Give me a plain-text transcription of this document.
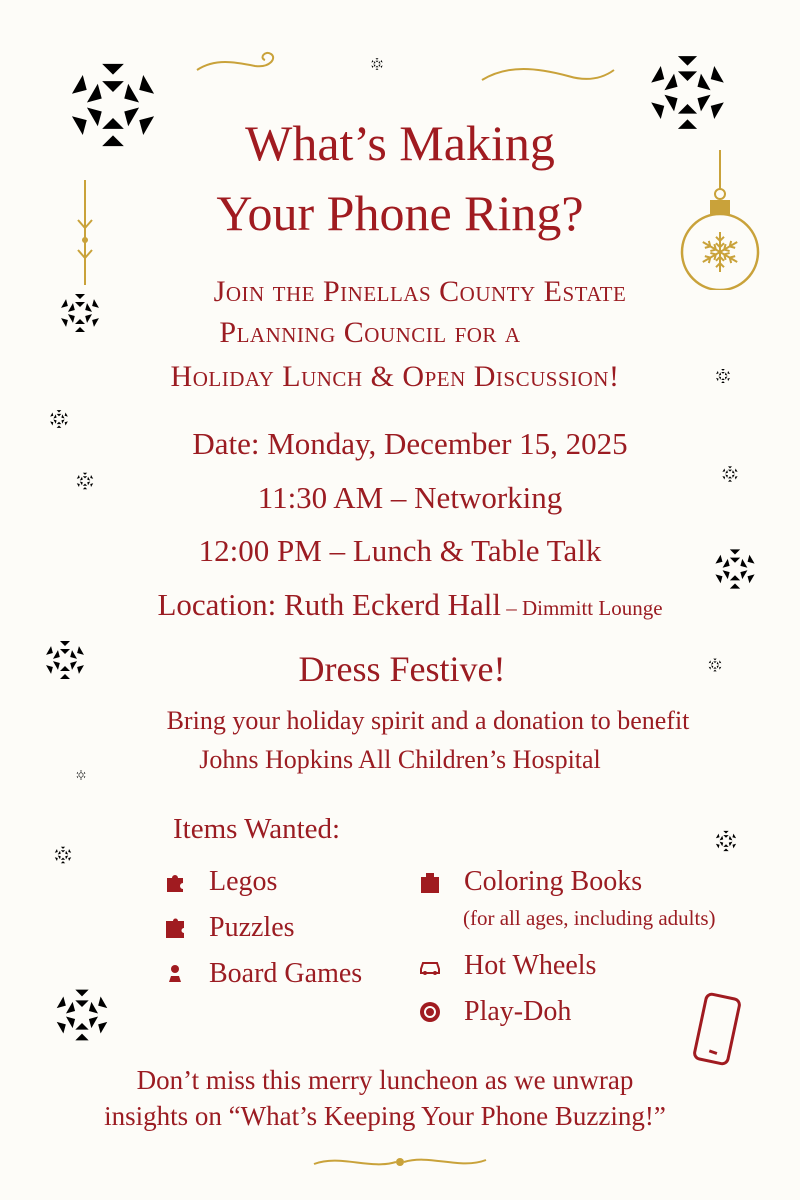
What’s Making
Your Phone Ring?
Join the Pinellas County Estate
Planning Council for a
Holiday Lunch & Open Discussion!
Date: Monday, December 15, 2025
11:30 AM – Networking
12:00 PM – Lunch & Table Talk
Location: Ruth Eckerd Hall – Dimmitt Lounge
Dress Festive!
Bring your holiday spirit and a donation to benefit
Johns Hopkins All Children’s Hospital
Items Wanted:
Legos
Puzzles
Board Games
Coloring Books
(for all ages, including adults)
Hot Wheels
Play-Doh
Don’t miss this merry luncheon as we unwrap
insights on “What’s Keeping Your Phone Buzzing!”
